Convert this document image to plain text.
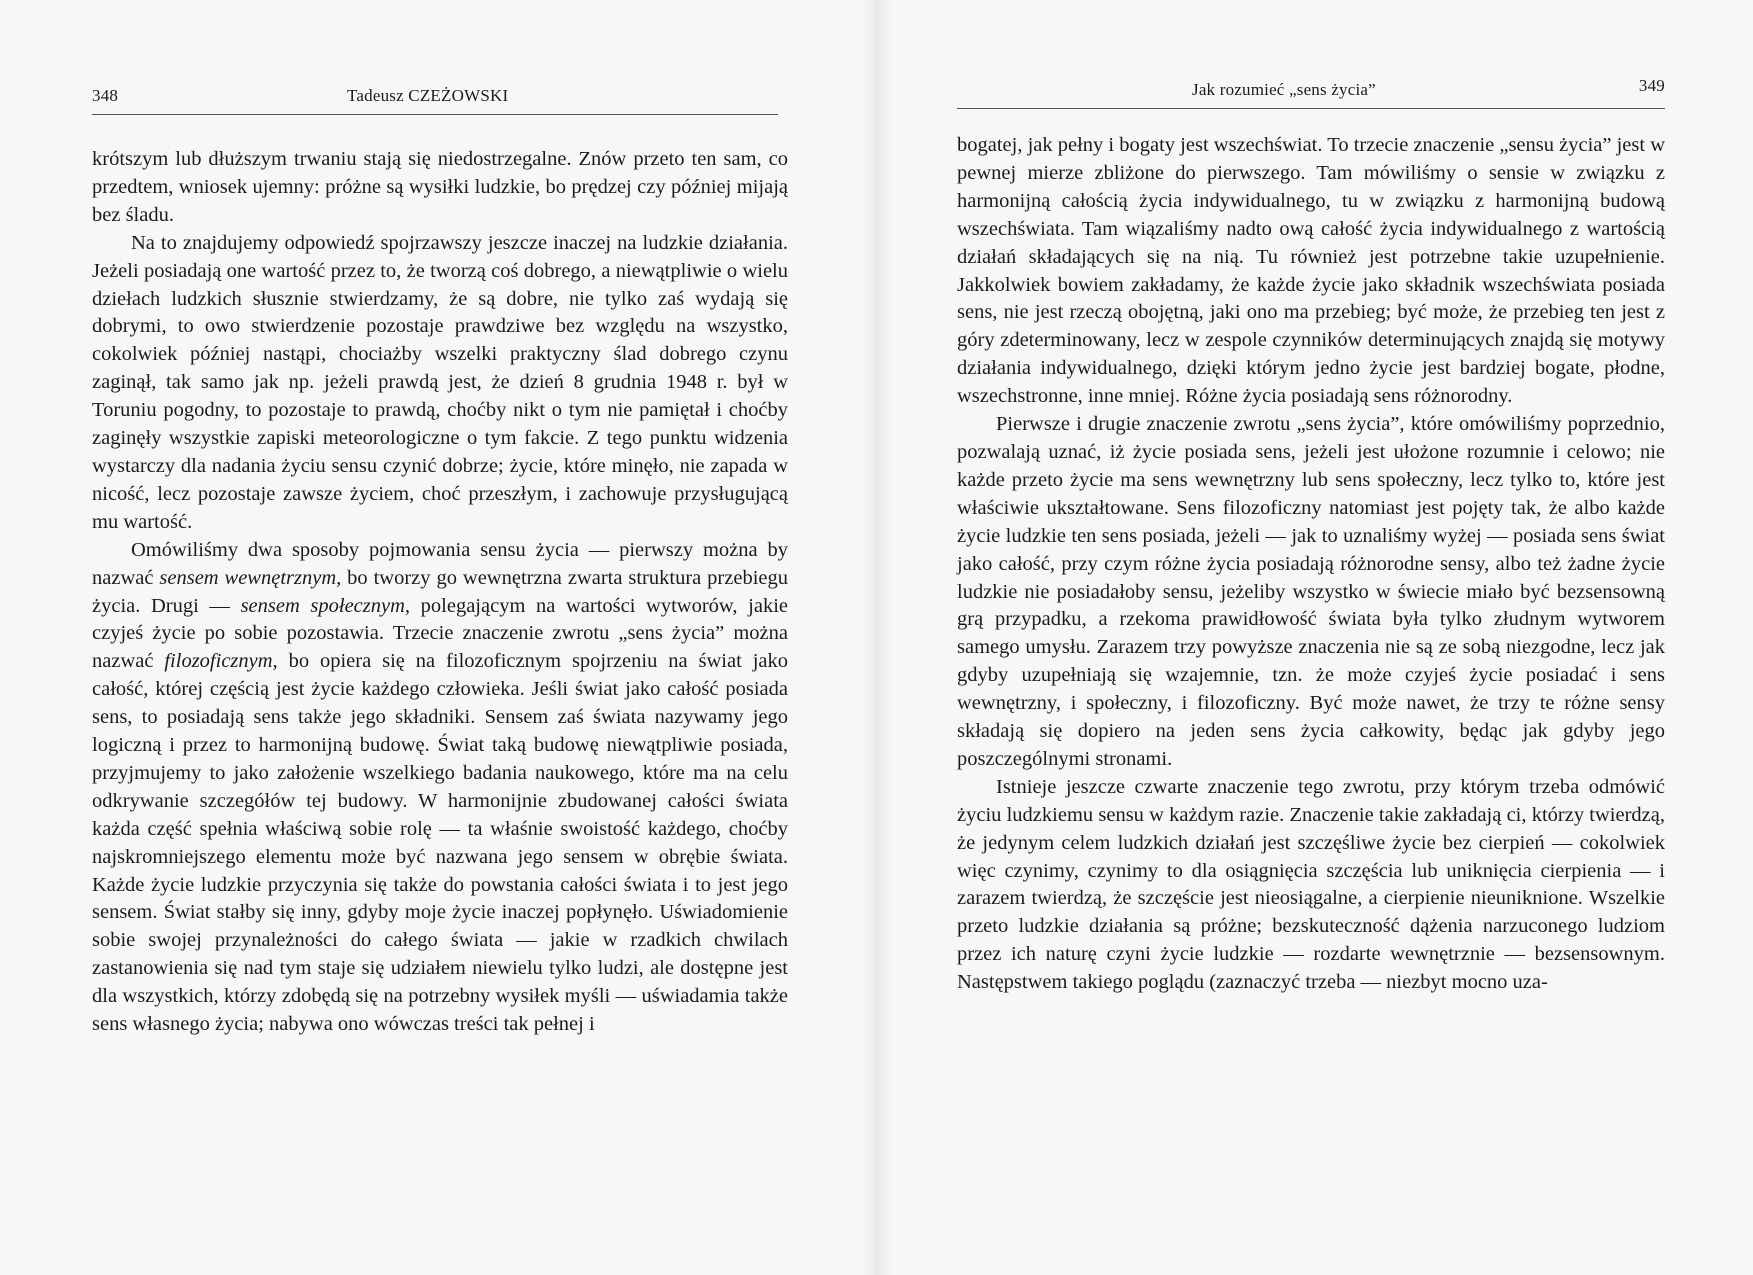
348	Tadeusz CZEŻOWSKI

krótszym lub dłuższym trwaniu stają się niedostrzegalne. Znów przeto ten sam, co przedtem, wniosek ujemny: próżne są wysiłki ludzkie, bo prędzej czy później mijają bez śladu.

Na to znajdujemy odpowiedź spojrzawszy jeszcze inaczej na ludzkie działania. Jeżeli posiadają one wartość przez to, że tworzą coś dobrego, a niewątpliwie o wielu dziełach ludzkich słusznie stwierdzamy, że są dobre, nie tylko zaś wydają się dobrymi, to owo stwierdzenie pozostaje prawdziwe bez względu na wszystko, cokolwiek później nastąpi, chociażby wszelki praktyczny ślad dobrego czynu zaginął, tak samo jak np. jeżeli prawdą jest, że dzień 8 grudnia 1948 r. był w Toruniu pogodny, to pozostaje to prawdą, choćby nikt o tym nie pamiętał i choćby zaginęły wszystkie zapiski meteorologiczne o tym fakcie. Z tego punktu widzenia wystarczy dla nadania życiu sensu czynić dobrze; życie, które minęło, nie zapada w nicość, lecz pozostaje zawsze życiem, choć przeszłym, i zachowuje przysługującą mu wartość.

Omówiliśmy dwa sposoby pojmowania sensu życia — pierwszy można by nazwać sensem wewnętrznym, bo tworzy go wewnętrzna zwarta struktura przebiegu życia. Drugi — sensem społecznym, polegającym na wartości wytworów, jakie czyjeś życie po sobie pozostawia. Trzecie znaczenie zwrotu „sens życia” można nazwać filozoficznym, bo opiera się na filozoficznym spojrzeniu na świat jako całość, której częścią jest życie każdego człowieka. Jeśli świat jako całość posiada sens, to posiadają sens także jego składniki. Sensem zaś świata nazywamy jego logiczną i przez to harmonijną budowę. Świat taką budowę niewątpliwie posiada, przyjmujemy to jako założenie wszelkiego badania naukowego, które ma na celu odkrywanie szczegółów tej budowy. W harmonijnie zbudowanej całości świata każda część spełnia właściwą sobie rolę — ta właśnie swoistość każdego, choćby najskromniejszego elementu może być nazwana jego sensem w obrębie świata. Każde życie ludzkie przyczynia się także do powstania całości świata i to jest jego sensem. Świat stałby się inny, gdyby moje życie inaczej popłynęło. Uświadomienie sobie swojej przynależności do całego świata — jakie w rzadkich chwilach zastanowienia się nad tym staje się udziałem niewielu tylko ludzi, ale dostępne jest dla wszystkich, którzy zdobędą się na potrzebny wysiłek myśli — uświadamia także sens własnego życia; nabywa ono wówczas treści tak pełnej i

Jak rozumieć „sens życia”	349

bogatej, jak pełny i bogaty jest wszechświat. To trzecie znaczenie „sensu życia” jest w pewnej mierze zbliżone do pierwszego. Tam mówiliśmy o sensie w związku z harmonijną całością życia indywidualnego, tu w związku z harmonijną budową wszechświata. Tam wiązaliśmy nadto ową całość życia indywidualnego z wartością działań składających się na nią. Tu również jest potrzebne takie uzupełnienie. Jakkolwiek bowiem zakładamy, że każde życie jako składnik wszechświata posiada sens, nie jest rzeczą obojętną, jaki ono ma przebieg; być może, że przebieg ten jest z góry zdeterminowany, lecz w zespole czynników determinujących znajdą się motywy działania indywidualnego, dzięki którym jedno życie jest bardziej bogate, płodne, wszechstronne, inne mniej. Różne życia posiadają sens różnorodny.

Pierwsze i drugie znaczenie zwrotu „sens życia”, które omówiliśmy poprzednio, pozwalają uznać, iż życie posiada sens, jeżeli jest ułożone rozumnie i celowo; nie każde przeto życie ma sens wewnętrzny lub sens społeczny, lecz tylko to, które jest właściwie ukształtowane. Sens filozoficzny natomiast jest pojęty tak, że albo każde życie ludzkie ten sens posiada, jeżeli — jak to uznaliśmy wyżej — posiada sens świat jako całość, przy czym różne życia posiadają różnorodne sensy, albo też żadne życie ludzkie nie posiadałoby sensu, jeżeliby wszystko w świecie miało być bezsensowną grą przypadku, a rzekoma prawidłowość świata była tylko złudnym wytworem samego umysłu. Zarazem trzy powyższe znaczenia nie są ze sobą niezgodne, lecz jak gdyby uzupełniają się wzajemnie, tzn. że może czyjeś życie posiadać i sens wewnętrzny, i społeczny, i filozoficzny. Być może nawet, że trzy te różne sensy składają się dopiero na jeden sens życia całkowity, będąc jak gdyby jego poszczególnymi stronami.

Istnieje jeszcze czwarte znaczenie tego zwrotu, przy którym trzeba odmówić życiu ludzkiemu sensu w każdym razie. Znaczenie takie zakładają ci, którzy twierdzą, że jedynym celem ludzkich działań jest szczęśliwe życie bez cierpień — cokolwiek więc czynimy, czynimy to dla osiągnięcia szczęścia lub uniknięcia cierpienia — i zarazem twierdzą, że szczęście jest nieosiągalne, a cierpienie nieuniknione. Wszelkie przeto ludzkie działania są próżne; bezskuteczność dążenia narzuconego ludziom przez ich naturę czyni życie ludzkie — rozdarte wewnętrznie — bezsensownym. Następstwem takiego poglądu (zaznaczyć trzeba — niezbyt mocno uza-
